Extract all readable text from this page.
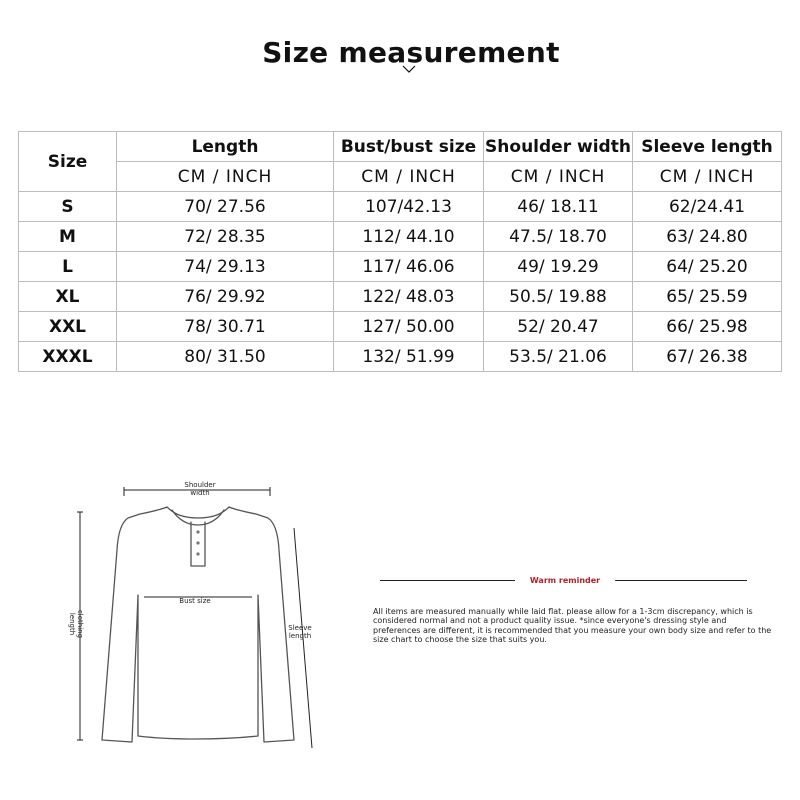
Size measurement
Size	Length	Bust/bust size	Shoulder width	Sleeve length
	CM / INCH	CM / INCH	CM / INCH	CM / INCH
S	70/ 27.56	107/42.13	46/ 18.11	62/24.41
M	72/ 28.35	112/ 44.10	47.5/ 18.70	63/ 24.80
L	74/ 29.13	117/ 46.06	49/ 19.29	64/ 25.20
XL	76/ 29.92	122/ 48.03	50.5/ 19.88	65/ 25.59
XXL	78/ 30.71	127/ 50.00	52/ 20.47	66/ 25.98
XXXL	80/ 31.50	132/ 51.99	53.5/ 21.06	67/ 26.38
Shoulder
width
Bust size
clothing
length	Sleeve
length
Warm reminder
All items are measured manually while laid flat. please allow for a 1-3cm discrepancy, which is considered normal and not a product quality issue. *since everyone's dressing style and preferences are different, it is recommended that you measure your own body size and refer to the size chart to choose the size that suits you.
